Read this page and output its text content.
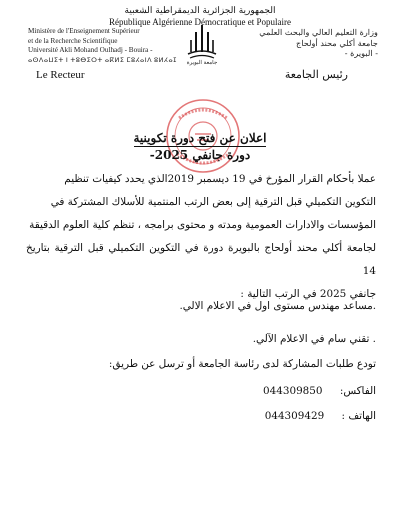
الجمهورية الجزائرية الديمقراطية الشعبية
République Algérienne Démocratique et Populaire
Ministère de l'Enseignement Supérieur
et de la Recherche Scientifique
Université Akli Mohand Oulhadj - Bouira -
ⴰⵙⴷⴰⵡⵉⵜ ⵏ ⵜⵓⴱⵉⵔⵜ ⴰⴽⵍⵉ ⵎⵓⵃⴰⵏⴷ ⵓⵍⵃⴰⵊ
وزارة التعليم العالي والبحث العلمي
جامعة أكلي محند أولحاج
- البويرة -
جامعة البويرة
Le Recteur	رئيس الجامعة
اعلان عن فتح دورة تكوينية
دورة جانفي 2025-

عملا بأحكام القرار المؤرخ في 19 ديسمبر 2019الذي يحدد كيفيات تنظيم

التكوين التكميلي قبل الترقية إلى بعض الرتب المنتمية للأسلاك المشتركة في

المؤسسات والادارات العمومية ومدته و محتوى برامجه ، تنظم كلية العلوم الدقيقة

لجامعة أكلي محند أولحاج بالبويرة دورة في التكوين التكميلي قبل الترقية بتاريخ 14

جانفي 2025 في الرتب التالية :

.مساعد مهندس مستوى اول في الاعلام الالي.
. تقني سام في الاعلام الآلي.
تودع طلبات المشاركة لدى رئاسة الجامعة أو ترسل عن طريق:
الفاكس: 044309850
الهاتف : 044309429
